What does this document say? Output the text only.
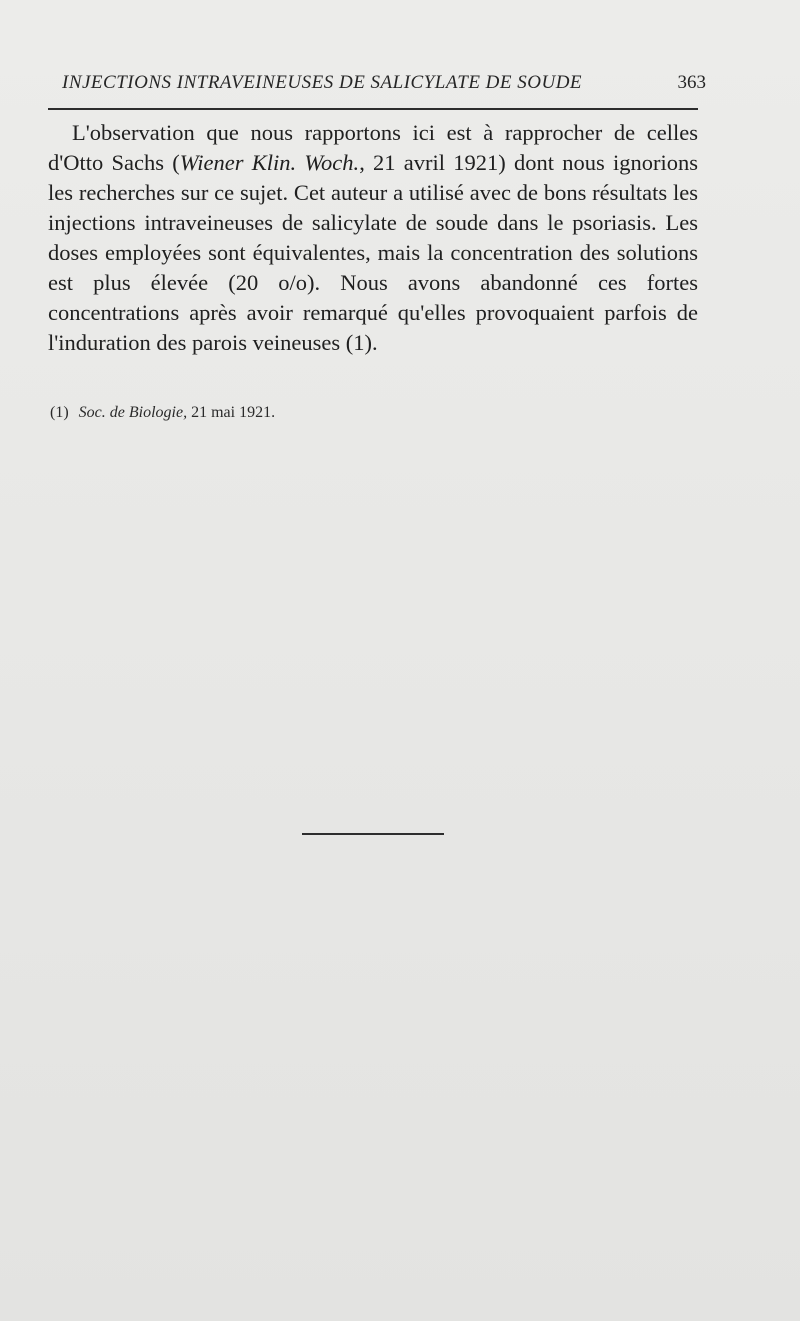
INJECTIONS INTRAVEINEUSES DE SALICYLATE DE SOUDE	363

L'observation que nous rapportons ici est à rapprocher de celles d'Otto Sachs (Wiener Klin. Woch., 21 avril 1921) dont nous ignorions les recherches sur ce sujet. Cet auteur a utilisé avec de bons résultats les injections intraveineuses de salicylate de soude dans le psoriasis. Les doses employées sont équivalentes, mais la concentration des solutions est plus élevée (20 o/o). Nous avons abandonné ces fortes concentrations après avoir remarqué qu'elles provoquaient parfois de l'induration des parois veineuses (1).

(1) Soc. de Biologie, 21 mai 1921.
